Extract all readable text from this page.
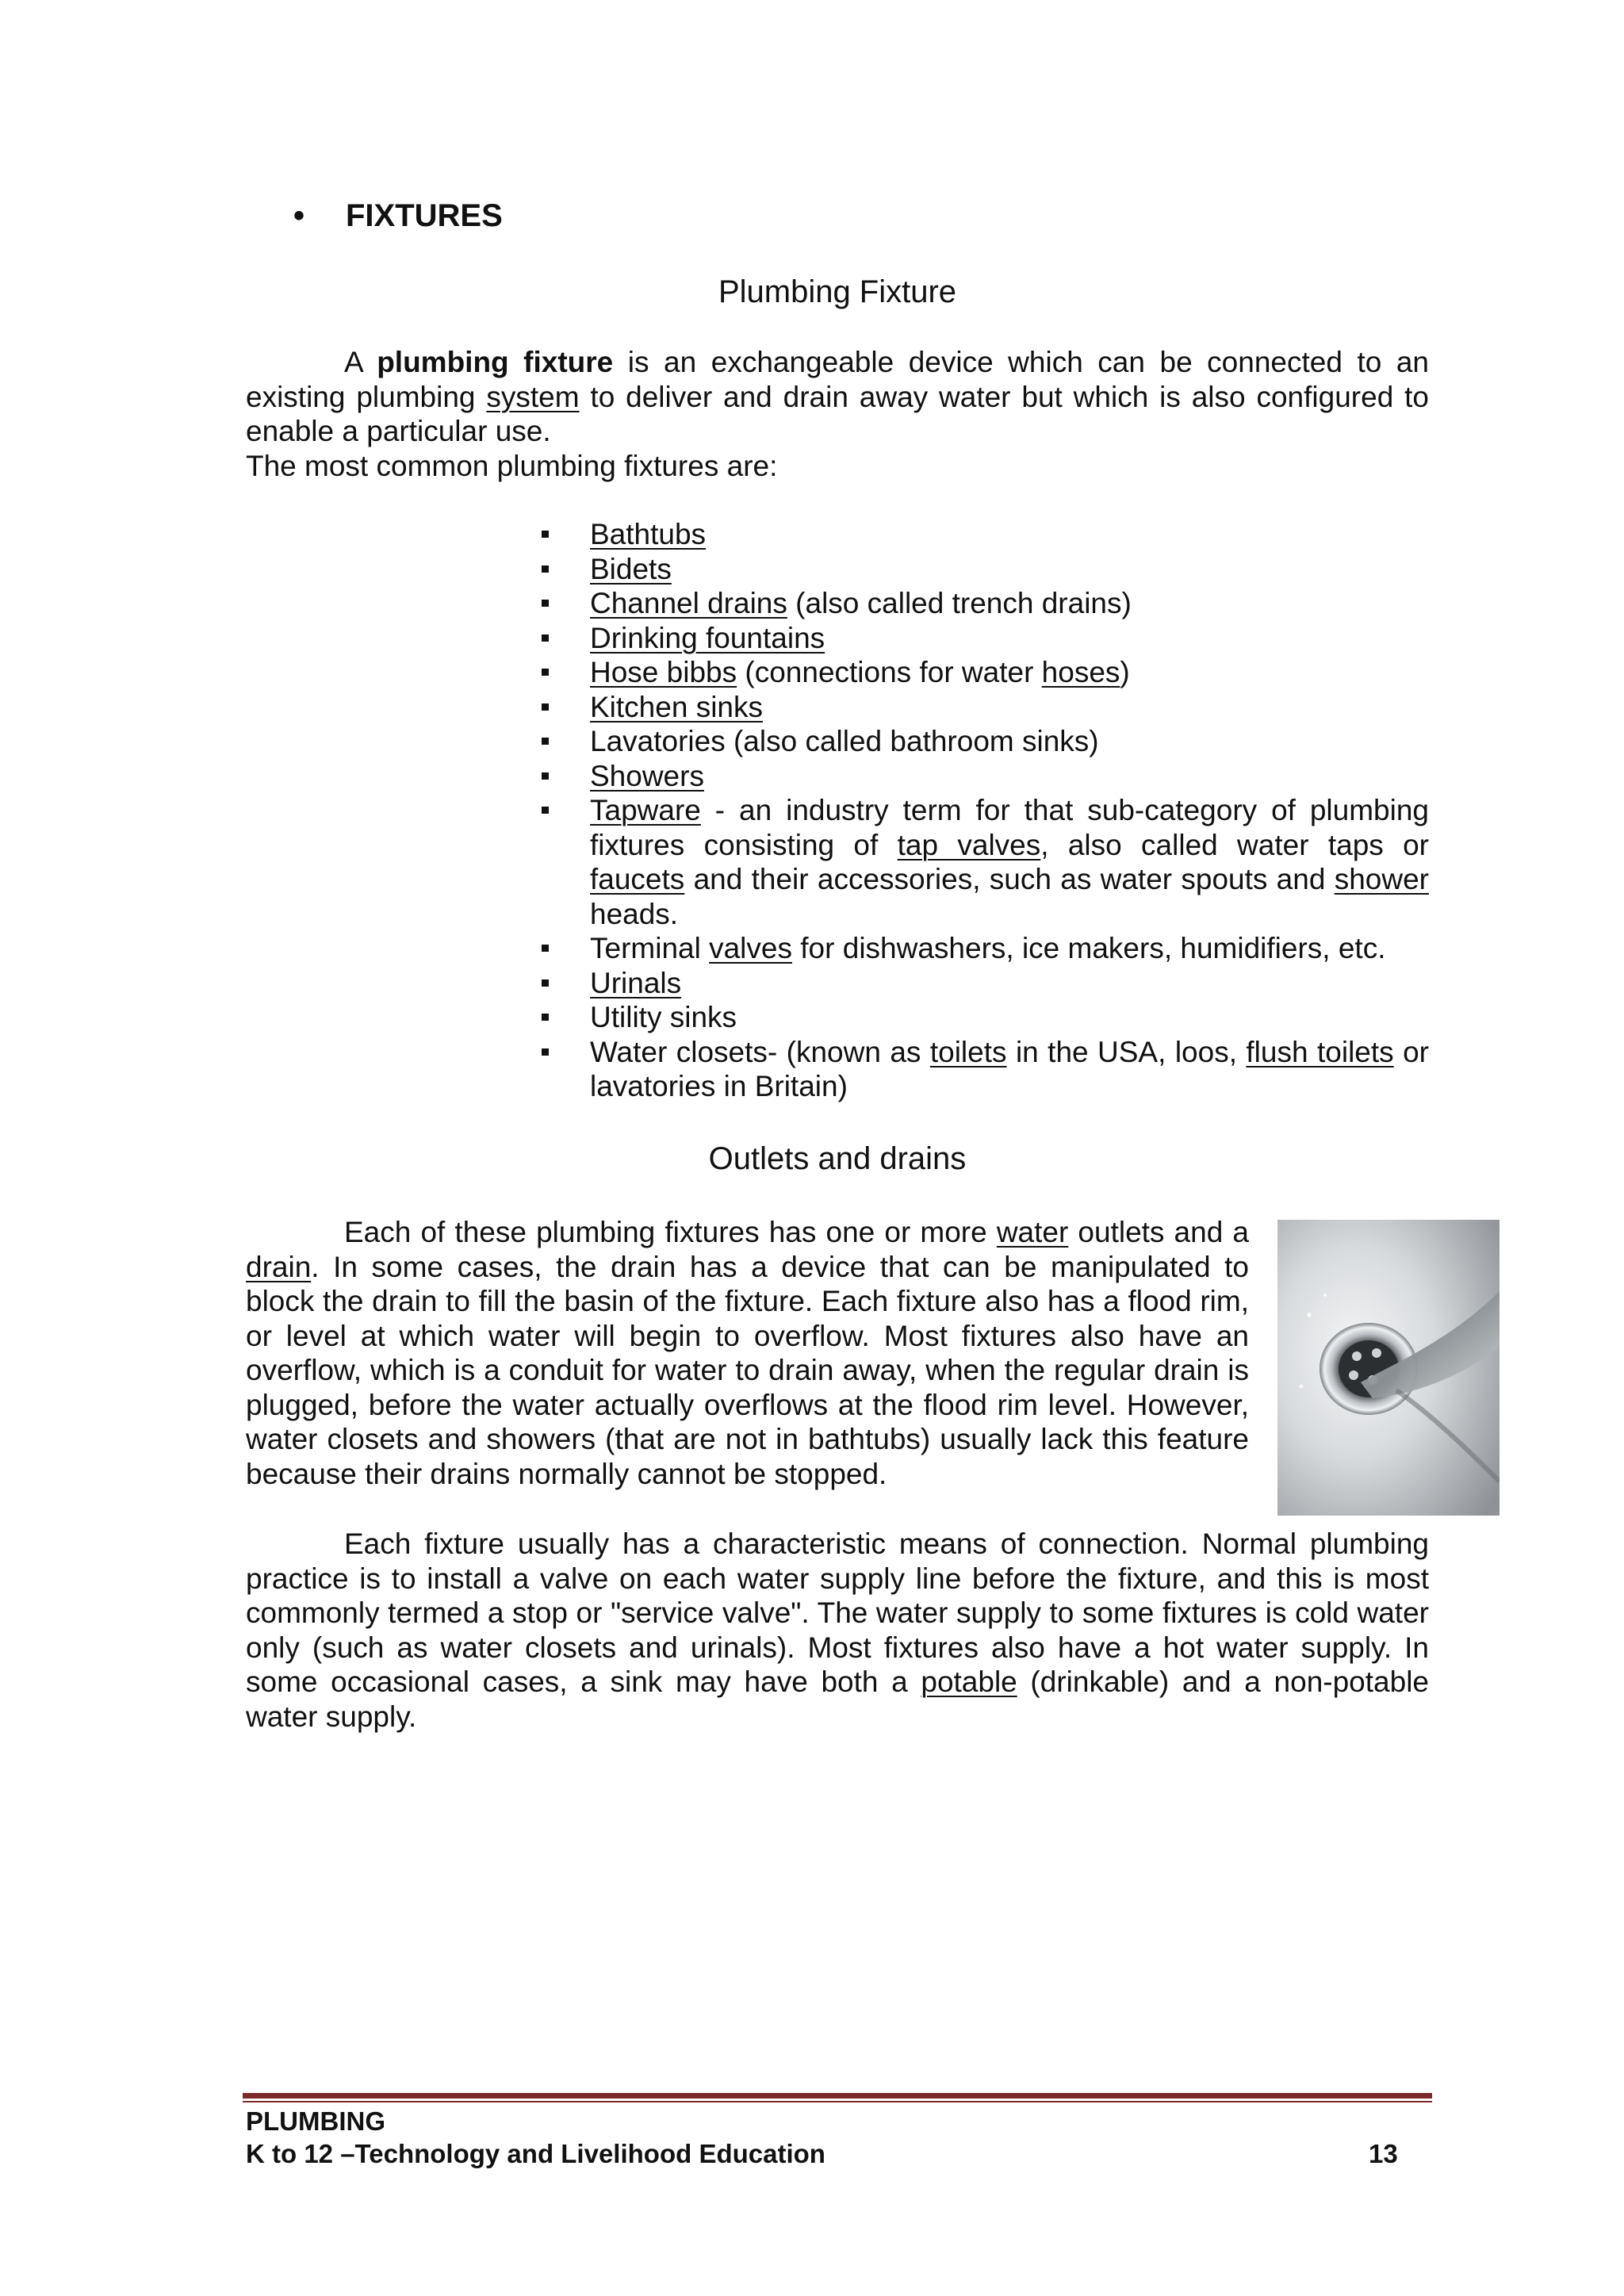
• FIXTURES
Plumbing Fixture

A plumbing fixture is an exchangeable device which can be connected to an existing plumbing system to deliver and drain away water but which is also configured to enable a particular use.

The most common plumbing fixtures are:

Bathtubs
Bidets
Channel drains (also called trench drains)
Drinking fountains
Hose bibbs (connections for water hoses)
Kitchen sinks
Lavatories (also called bathroom sinks)
Showers
Tapware - an industry term for that sub-category of plumbing fixtures consisting of tap valves, also called water taps or faucets and their accessories, such as water spouts and shower heads.
Terminal valves for dishwashers, ice makers, humidifiers, etc.
Urinals
Utility sinks
Water closets- (known as toilets in the USA, loos, flush toilets or lavatories in Britain)
Outlets and drains

Each of these plumbing fixtures has one or more water outlets and a drain. In some cases, the drain has a device that can be manipulated to block the drain to fill the basin of the fixture. Each fixture also has a flood rim, or level at which water will begin to overflow. Most fixtures also have an overflow, which is a conduit for water to drain away, when the regular drain is plugged, before the water actually overflows at the flood rim level. However, water closets and showers (that are not in bathtubs) usually lack this feature because their drains normally cannot be stopped.

Each fixture usually has a characteristic means of connection. Normal plumbing practice is to install a valve on each water supply line before the fixture, and this is most commonly termed a stop or "service valve". The water supply to some fixtures is cold water only (such as water closets and urinals). Most fixtures also have a hot water supply. In some occasional cases, a sink may have both a potable (drinkable) and a non-potable water supply.

PLUMBING
K to 12 –Technology and Livelihood Education	13
